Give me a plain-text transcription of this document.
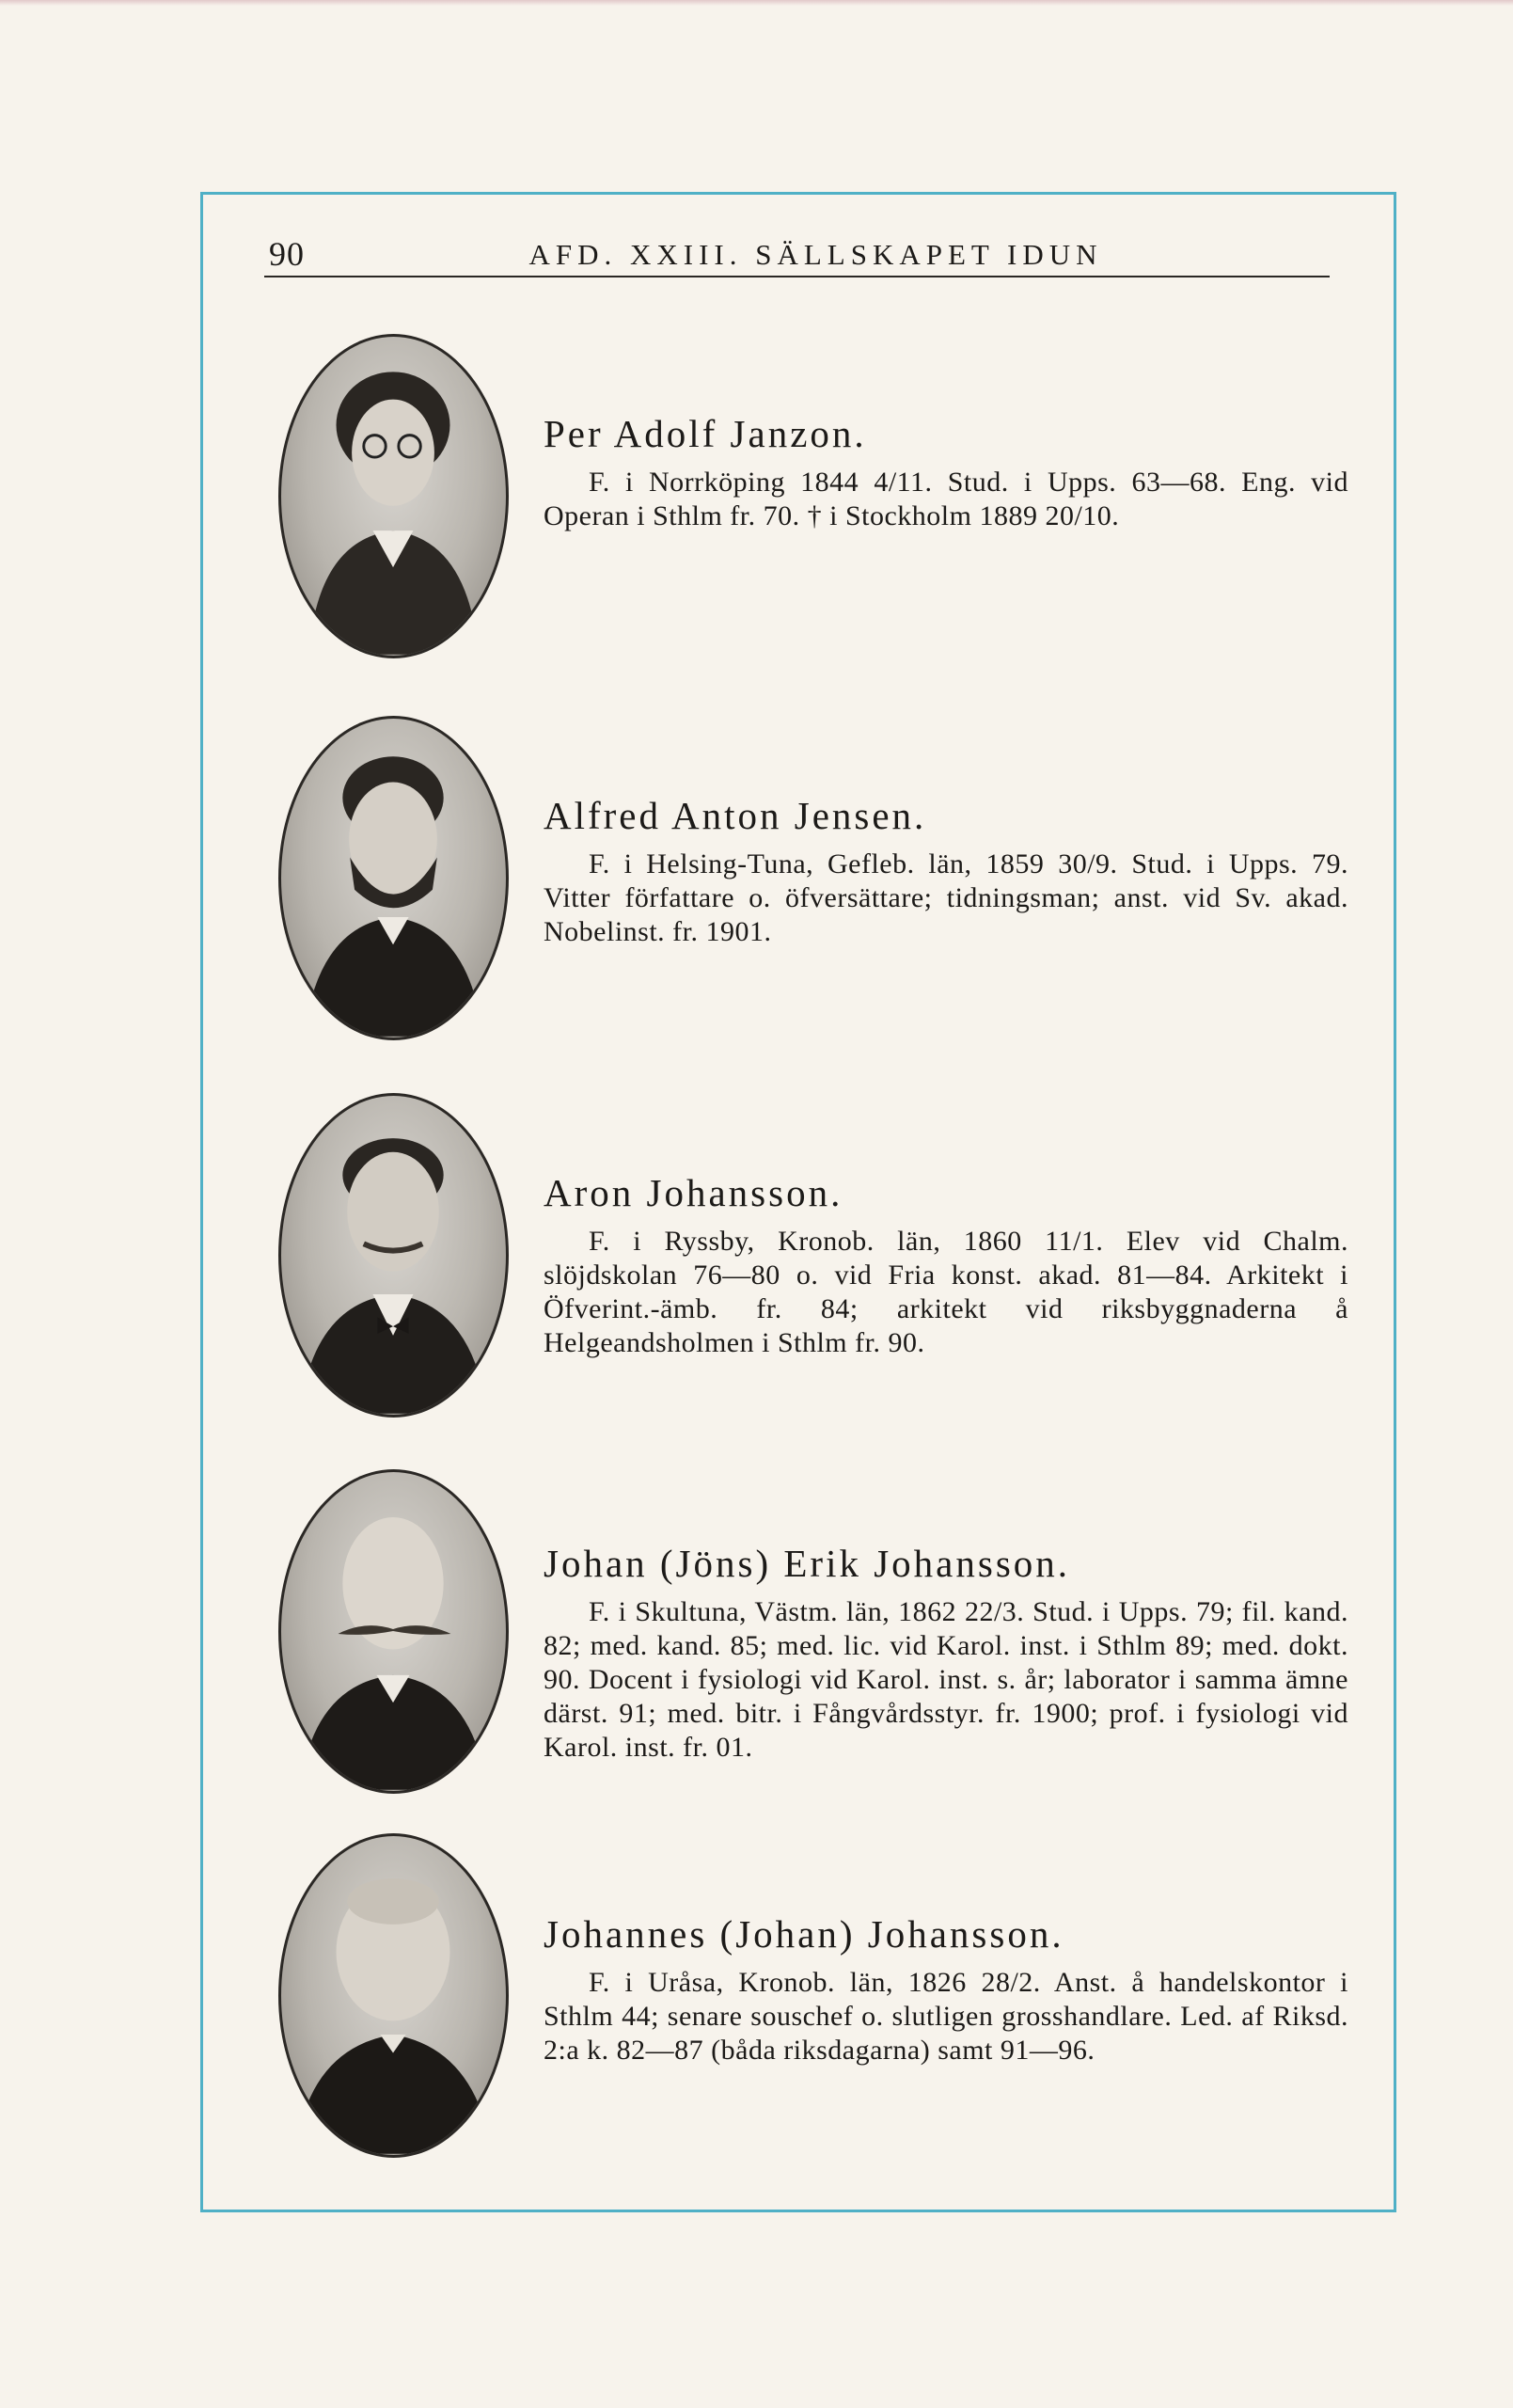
90	AFD. XXIII. SÄLLSKAPET IDUN
Per Adolf Janzon.

F. i Norrköping 1844 4/11. Stud. i Upps. 63—68. Eng. vid Operan i Sthlm fr. 70. † i Stockholm 1889 20/10.

Alfred Anton Jensen.

F. i Helsing-Tuna, Gefleb. län, 1859 30/9. Stud. i Upps. 79. Vitter författare o. öfversättare; tidningsman; anst. vid Sv. akad. Nobelinst. fr. 1901.

Aron Johansson.

F. i Ryssby, Kronob. län, 1860 11/1. Elev vid Chalm. slöjdskolan 76—80 o. vid Fria konst. akad. 81—84. Arkitekt i Öfverint.-ämb. fr. 84; arkitekt vid riksbyggnaderna å Helgeandsholmen i Sthlm fr. 90.

Johan (Jöns) Erik Johansson.

F. i Skultuna, Västm. län, 1862 22/3. Stud. i Upps. 79; fil. kand. 82; med. kand. 85; med. lic. vid Karol. inst. i Sthlm 89; med. dokt. 90. Docent i fysiologi vid Karol. inst. s. år; laborator i samma ämne därst. 91; med. bitr. i Fångvårdsstyr. fr. 1900; prof. i fysiologi vid Karol. inst. fr. 01.

Johannes (Johan) Johansson.

F. i Uråsa, Kronob. län, 1826 28/2. Anst. å handelskontor i Sthlm 44; senare souschef o. slutligen grosshandlare. Led. af Riksd. 2:a k. 82—87 (båda riksdagarna) samt 91—96.
